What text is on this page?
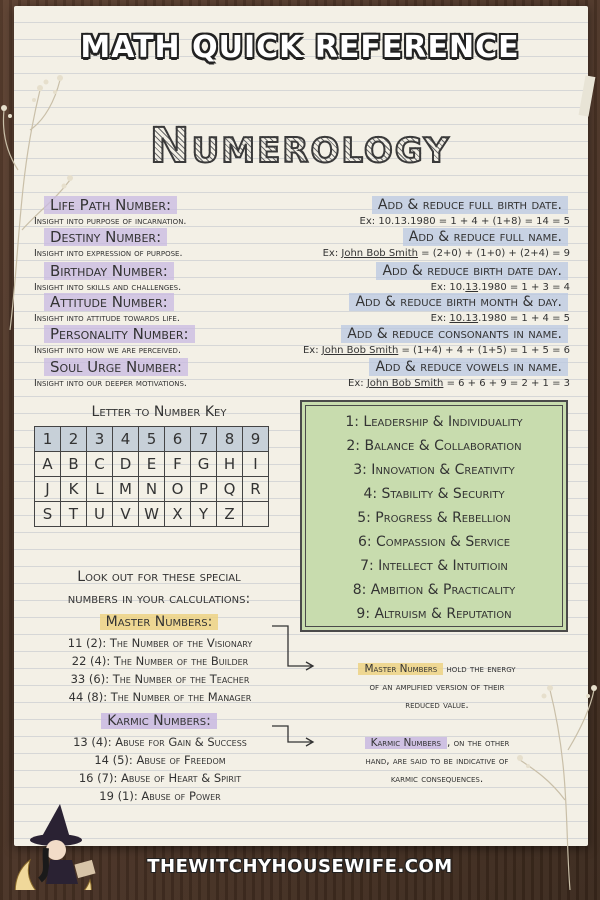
MATH QUICK REFERENCE
Numerology
Life Path Number:	Add & reduce full birth date.
Insight into purpose of incarnation.	Ex: 10.13.1980 = 1 + 4 + (1+8) = 14 = 5
Destiny Number:	Add & reduce full name.
Insight into expression of purpose.	Ex: John Bob Smith = (2+0) + (1+0) + (2+4) = 9
Birthday Number:	Add & reduce birth date day.
Insight into skills and challenges.	Ex: 10.13.1980 = 1 + 3 = 4
Attitude Number:	Add & reduce birth month & day.
Insight into attitude towards life.	Ex: 10.13.1980 = 1 + 4 = 5
Personality Number:	Add & reduce consonants in name.
Insight into how we are perceived.	Ex: John Bob Smith = (1+4) + 4 + (1+5) = 1 + 5 = 6
Soul Urge Number:	Add & reduce vowels in name.
Insight into our deeper motivations.	Ex: John Bob Smith = 6 + 6 + 9 = 2 + 1 = 3
Letter to Number Key
1	2	3	4	5	6	7	8	9
A	B	C	D	E	F	G	H	I
J	K	L	M	N	O	P	Q	R
S	T	U	V	W	X	Y	Z	
1: Leadership & Individuality
2: Balance & Collaboration
3: Innovation & Creativity
4: Stability & Security
5: Progress & Rebellion
6: Compassion & Service
7: Intellect & Intuitioin
8: Ambition & Practicality
9: Altruism & Reputation
Look out for these special
numbers in your calculations:
Master Numbers:
11 (2): The Number of the Visionary
22 (4): The Number of the Builder
33 (6): The Number of the Teacher
44 (8): The Number of the Manager
Karmic Numbers:
13 (4): Abuse for Gain & Success
14 (5): Abuse of Freedom
16 (7): Abuse of Heart & Spirit
19 (1): Abuse of Power
Master Numbers hold the energy
of an amplified version of their
reduced value.
Karmic Numbers , on the other
hand, are said to be indicative of
karmic consequences.
THEWITCHYHOUSEWIFE.COM
